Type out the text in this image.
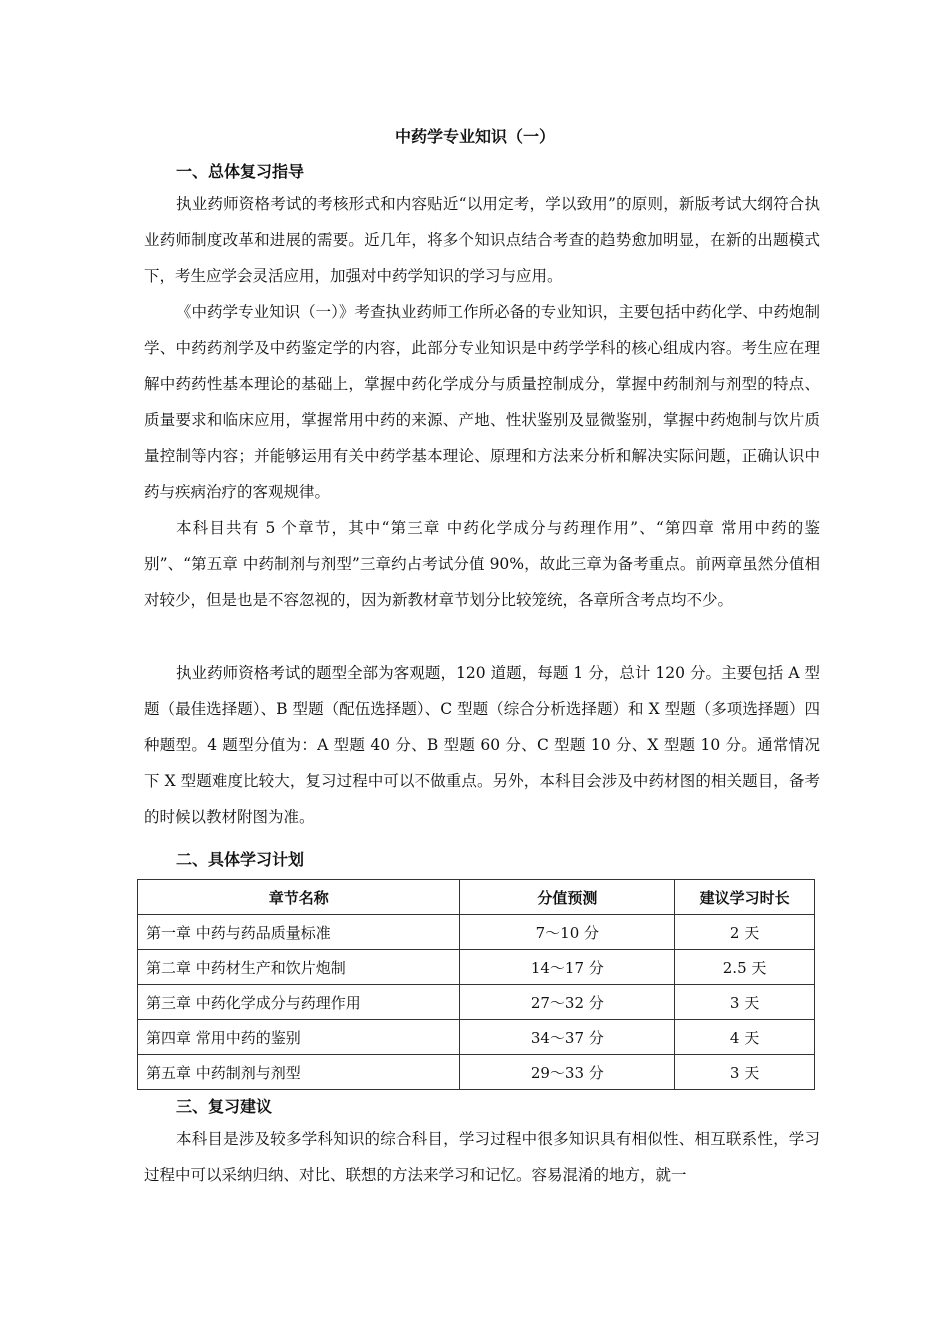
中药学专业知识（一）
一、总体复习指导

执业药师资格考试的考核形式和内容贴近“以用定考，学以致用”的原则，新版考试大纲符合执业药师制度改革和进展的需要。近几年，将多个知识点结合考查的趋势愈加明显，在新的出题模式下，考生应学会灵活应用，加强对中药学知识的学习与应用。

《中药学专业知识（一）》考查执业药师工作所必备的专业知识，主要包括中药化学、中药炮制学、中药药剂学及中药鉴定学的内容，此部分专业知识是中药学学科的核心组成内容。考生应在理解中药药性基本理论的基础上，掌握中药化学成分与质量控制成分，掌握中药制剂与剂型的特点、质量要求和临床应用，掌握常用中药的来源、产地、性状鉴别及显微鉴别，掌握中药炮制与饮片质量控制等内容；并能够运用有关中药学基本理论、原理和方法来分析和解决实际问题，正确认识中药与疾病治疗的客观规律。

本科目共有 5 个章节，其中“第三章 中药化学成分与药理作用”、“第四章 常用中药的鉴别”、“第五章 中药制剂与剂型”三章约占考试分值 90%，故此三章为备考重点。前两章虽然分值相对较少，但是也是不容忽视的，因为新教材章节划分比较笼统，各章所含考点均不少。

执业药师资格考试的题型全部为客观题，120 道题，每题 1 分，总计 120 分。主要包括 A 型题（最佳选择题）、B 型题（配伍选择题）、C 型题（综合分析选择题）和 X 型题（多项选择题）四种题型。4 题型分值为：A 型题 40 分、B 型题 60 分、C 型题 10 分、X 型题 10 分。通常情况下 X 型题难度比较大，复习过程中可以不做重点。另外，本科目会涉及中药材图的相关题目，备考的时候以教材附图为准。

二、具体学习计划
章节名称	分值预测	建议学习时长
第一章 中药与药品质量标准	7～10 分	2 天
第二章 中药材生产和饮片炮制	14～17 分	2.5 天
第三章 中药化学成分与药理作用	27～32 分	3 天
第四章 常用中药的鉴别	34～37 分	4 天
第五章 中药制剂与剂型	29～33 分	3 天
三、复习建议

本科目是涉及较多学科知识的综合科目，学习过程中很多知识具有相似性、相互联系性，学习过程中可以采纳归纳、对比、联想的方法来学习和记忆。容易混淆的地方，就一
